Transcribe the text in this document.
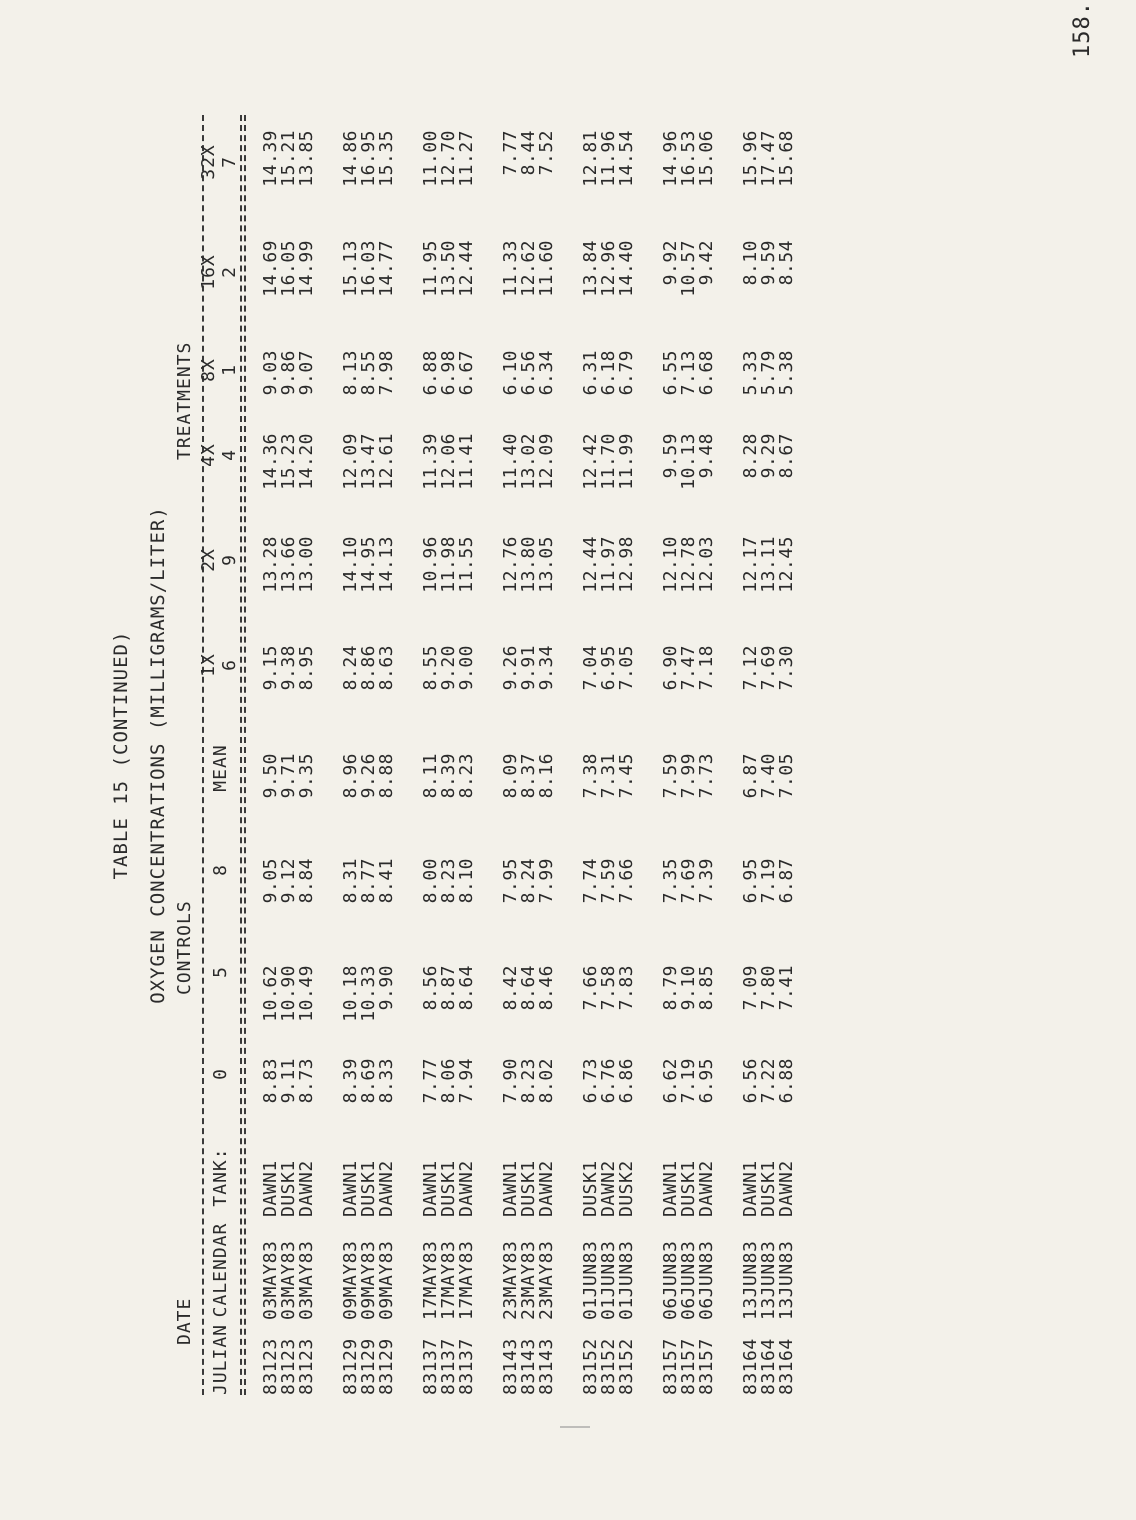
158.
TABLE 15 (CONTINUED) OXYGEN CONCENTRATIONS (MILLIGRAMS/LITER)
DATE
CONTROLS
TREATMENTS
JULIAN
CALENDAR
TANK:
0
5
8
MEAN
1X 6
2X 9
4X 4
8X 1
16X 2
32X 7
83123
03MAY83
DAWN1
8.83
10.62
9.05
9.50
9.15
13.28
14.36
9.03
14.69
14.39
83123
03MAY83
DUSK1
9.11
10.90
9.12
9.71
9.38
13.66
15.23
9.86
16.05
15.21
83123
03MAY83
DAWN2
8.73
10.49
8.84
9.35
8.95
13.00
14.20
9.07
14.99
13.85
83129
09MAY83
DAWN1
8.39
10.18
8.31
8.96
8.24
14.10
12.09
8.13
15.13
14.86
83129
09MAY83
DUSK1
8.69
10.33
8.77
9.26
8.86
14.95
13.47
8.55
16.03
16.95
83129
09MAY83
DAWN2
8.33
9.90
8.41
8.88
8.63
14.13
12.61
7.98
14.77
15.35
83137
17MAY83
DAWN1
7.77
8.56
8.00
8.11
8.55
10.96
11.39
6.88
11.95
11.00
83137
17MAY83
DUSK1
8.06
8.87
8.23
8.39
9.20
11.98
12.06
6.98
13.50
12.70
83137
17MAY83
DAWN2
7.94
8.64
8.10
8.23
9.00
11.55
11.41
6.67
12.44
11.27
83143
23MAY83
DAWN1
7.90
8.42
7.95
8.09
9.26
12.76
11.40
6.10
11.33
7.77
83143
23MAY83
DUSK1
8.23
8.64
8.24
8.37
9.91
13.80
13.02
6.56
12.62
8.44
83143
23MAY83
DAWN2
8.02
8.46
7.99
8.16
9.34
13.05
12.09
6.34
11.60
7.52
83152
01JUN83
DUSK1
6.73
7.66
7.74
7.38
7.04
12.44
12.42
6.31
13.84
12.81
83152
01JUN83
DAWN2
6.76
7.58
7.59
7.31
6.95
11.97
11.70
6.18
12.96
11.96
83152
01JUN83
DUSK2
6.86
7.83
7.66
7.45
7.05
12.98
11.99
6.79
14.40
14.54
83157
06JUN83
DAWN1
6.62
8.79
7.35
7.59
6.90
12.10
9.59
6.55
9.92
14.96
83157
06JUN83
DUSK1
7.19
9.10
7.69
7.99
7.47
12.78
10.13
7.13
10.57
16.53
83157
06JUN83
DAWN2
6.95
8.85
7.39
7.73
7.18
12.03
9.48
6.68
9.42
15.06
83164
13JUN83
DAWN1
6.56
7.09
6.95
6.87
7.12
12.17
8.28
5.33
8.10
15.96
83164
13JUN83
DUSK1
7.22
7.80
7.19
7.40
7.69
13.11
9.29
5.79
9.59
17.47
83164
13JUN83
DAWN2
6.88
7.41
6.87
7.05
7.30
12.45
8.67
5.38
8.54
15.68
